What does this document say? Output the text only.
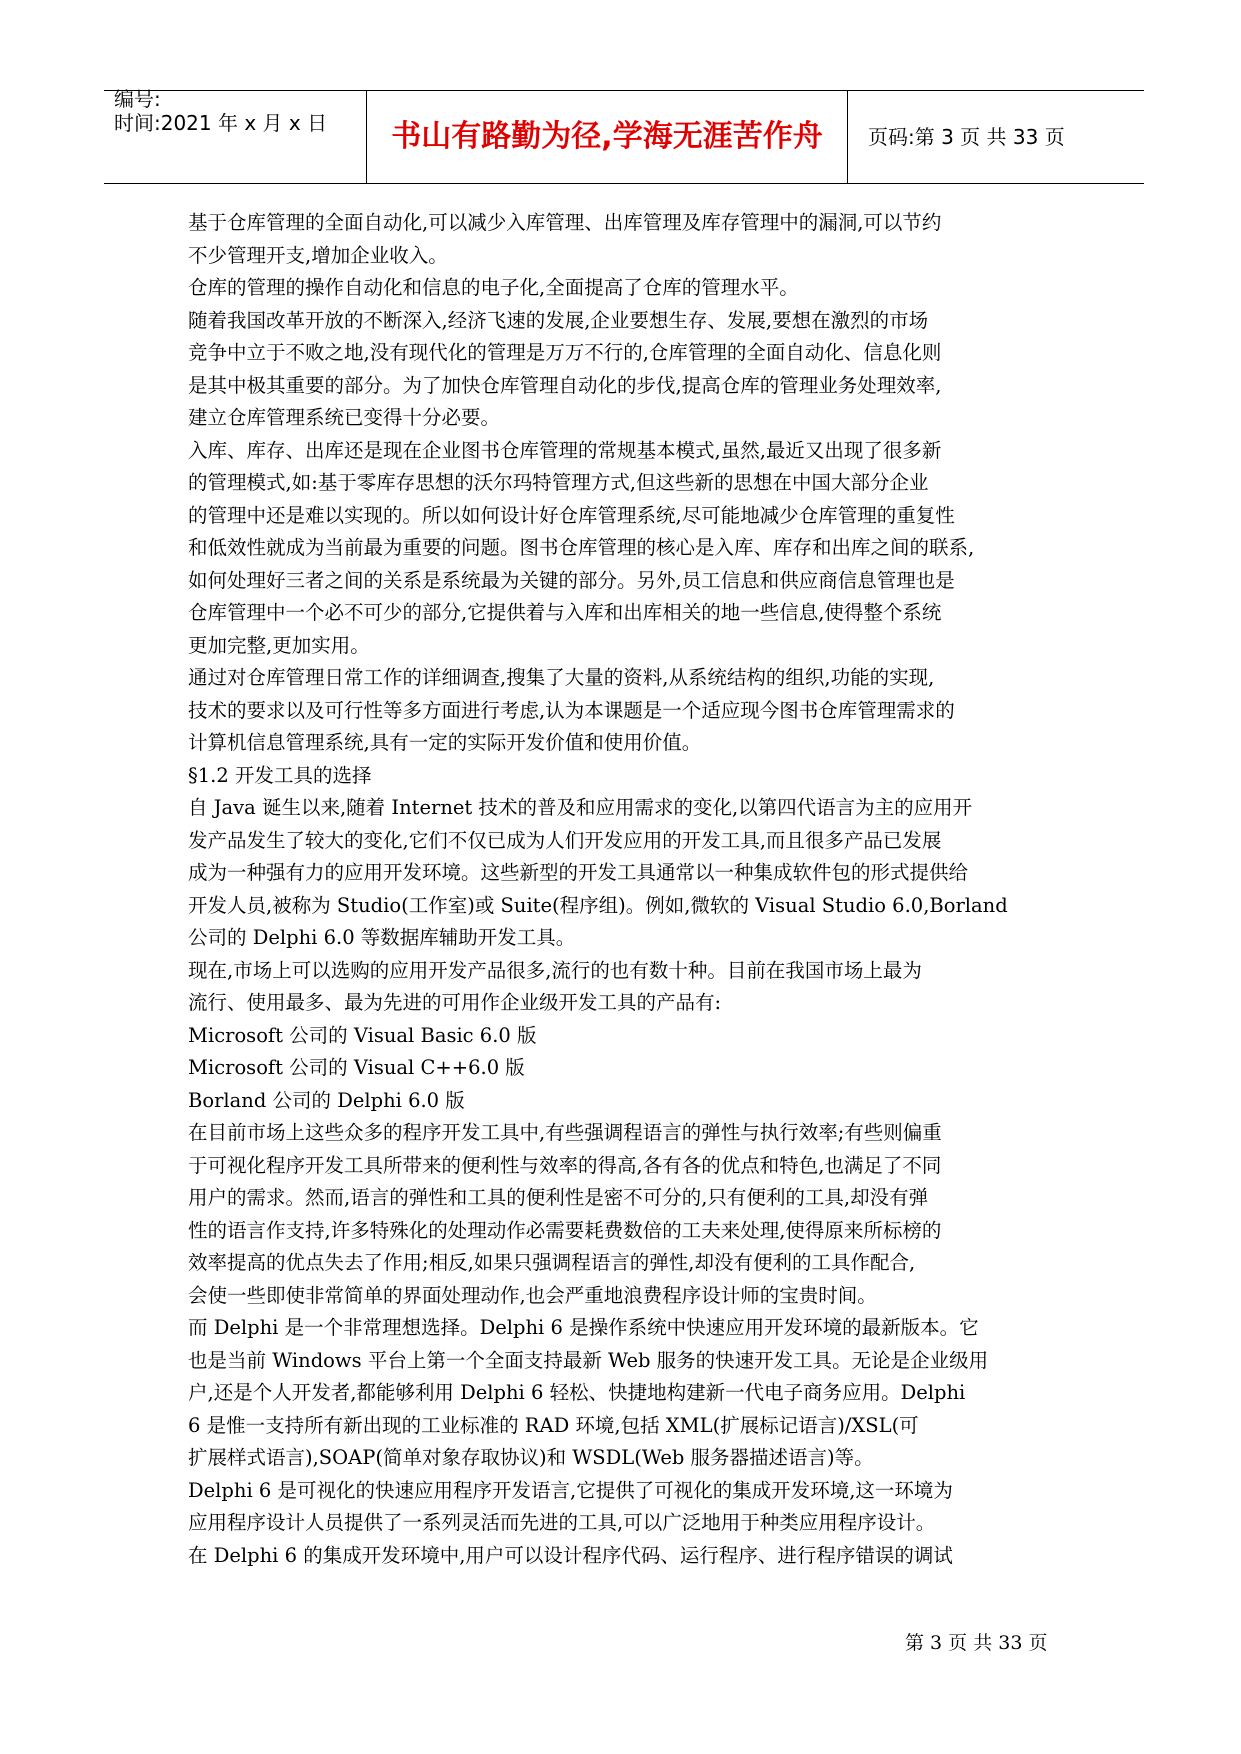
编号:
时间:2021 年 x 月 x 日	书山有路勤为径,学海无涯苦作舟	页码:第 3 页 共 33 页
基于仓库管理的全面自动化,可以减少入库管理、出库管理及库存管理中的漏洞,可以节约
不少管理开支,增加企业收入。
仓库的管理的操作自动化和信息的电子化,全面提高了仓库的管理水平。
随着我国改革开放的不断深入,经济飞速的发展,企业要想生存、发展,要想在激烈的市场
竞争中立于不败之地,没有现代化的管理是万万不行的,仓库管理的全面自动化、信息化则
是其中极其重要的部分。为了加快仓库管理自动化的步伐,提高仓库的管理业务处理效率,
建立仓库管理系统已变得十分必要。
入库、库存、出库还是现在企业图书仓库管理的常规基本模式,虽然,最近又出现了很多新
的管理模式,如:基于零库存思想的沃尔玛特管理方式,但这些新的思想在中国大部分企业
的管理中还是难以实现的。所以如何设计好仓库管理系统,尽可能地减少仓库管理的重复性
和低效性就成为当前最为重要的问题。图书仓库管理的核心是入库、库存和出库之间的联系,
如何处理好三者之间的关系是系统最为关键的部分。另外,员工信息和供应商信息管理也是
仓库管理中一个必不可少的部分,它提供着与入库和出库相关的地一些信息,使得整个系统
更加完整,更加实用。
通过对仓库管理日常工作的详细调查,搜集了大量的资料,从系统结构的组织,功能的实现,
技术的要求以及可行性等多方面进行考虑,认为本课题是一个适应现今图书仓库管理需求的
计算机信息管理系统,具有一定的实际开发价值和使用价值。
§1.2 开发工具的选择
自 Java 诞生以来,随着 Internet 技术的普及和应用需求的变化,以第四代语言为主的应用开
发产品发生了较大的变化,它们不仅已成为人们开发应用的开发工具,而且很多产品已发展
成为一种强有力的应用开发环境。这些新型的开发工具通常以一种集成软件包的形式提供给
开发人员,被称为 Studio(工作室)或 Suite(程序组)。例如,微软的 Visual Studio 6.0,Borland
公司的 Delphi 6.0 等数据库辅助开发工具。
现在,市场上可以选购的应用开发产品很多,流行的也有数十种。目前在我国市场上最为
流行、使用最多、最为先进的可用作企业级开发工具的产品有:
Microsoft 公司的 Visual Basic 6.0 版
Microsoft 公司的 Visual C++6.0 版
Borland 公司的 Delphi 6.0 版
在目前市场上这些众多的程序开发工具中,有些强调程语言的弹性与执行效率;有些则偏重
于可视化程序开发工具所带来的便利性与效率的得高,各有各的优点和特色,也满足了不同
用户的需求。然而,语言的弹性和工具的便利性是密不可分的,只有便利的工具,却没有弹
性的语言作支持,许多特殊化的处理动作必需要耗费数倍的工夫来处理,使得原来所标榜的
效率提高的优点失去了作用;相反,如果只强调程语言的弹性,却没有便利的工具作配合,
会使一些即使非常简单的界面处理动作,也会严重地浪费程序设计师的宝贵时间。
而 Delphi 是一个非常理想选择。Delphi 6 是操作系统中快速应用开发环境的最新版本。它
也是当前 Windows 平台上第一个全面支持最新 Web 服务的快速开发工具。无论是企业级用
户,还是个人开发者,都能够利用 Delphi 6 轻松、快捷地构建新一代电子商务应用。Delphi
6 是惟一支持所有新出现的工业标准的 RAD 环境,包括 XML(扩展标记语言)/XSL(可
扩展样式语言),SOAP(简单对象存取协议)和 WSDL(Web 服务器描述语言)等。
Delphi 6 是可视化的快速应用程序开发语言,它提供了可视化的集成开发环境,这一环境为
应用程序设计人员提供了一系列灵活而先进的工具,可以广泛地用于种类应用程序设计。
在 Delphi 6 的集成开发环境中,用户可以设计程序代码、运行程序、进行程序错误的调试
第 3 页 共 33 页
